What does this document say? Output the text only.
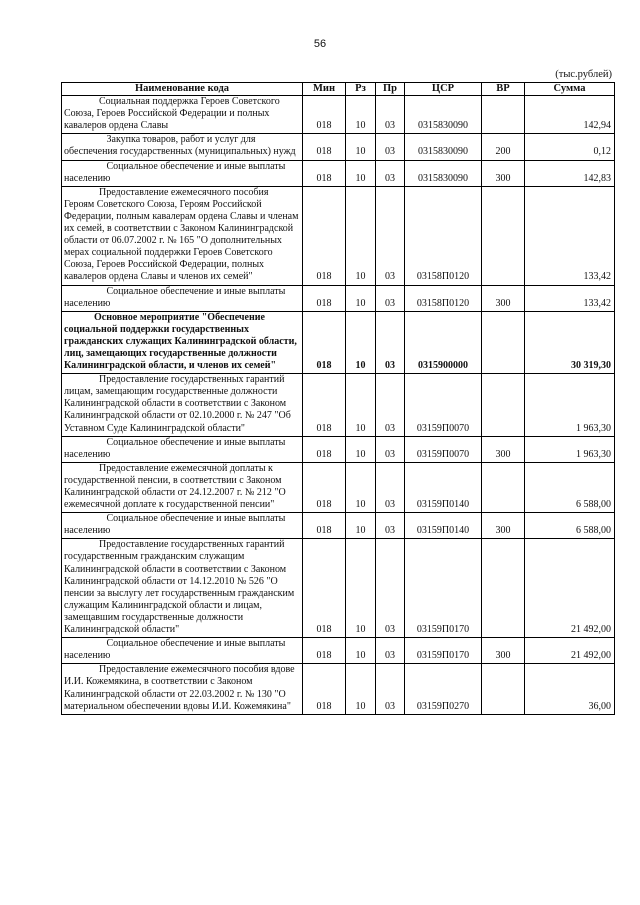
56
(тыс.рублей)
Наименование кода	Мин	Рз	Пр	ЦСР	ВР	Сумма
Социальная поддержка Героев Советского Союза, Героев Российской Федерации и полных кавалеров ордена Славы	018	10	03	0315830090		142,94
Закупка товаров, работ и услуг для обеспечения государственных (муниципальных) нужд	018	10	03	0315830090	200	0,12
Социальное обеспечение и иные выплаты населению	018	10	03	0315830090	300	142,83
Предоставление ежемесячного пособия Героям Советского Союза, Героям Российской Федерации, полным кавалерам ордена Славы и членам их семей, в соответствии с Законом Калининградской области от 06.07.2002 г. № 165 "О дополнительных мерах социальной поддержки Героев Советского Союза, Героев Российской Федерации, полных кавалеров ордена Славы и членов их семей"	018	10	03	03158П0120		133,42
Социальное обеспечение и иные выплаты населению	018	10	03	03158П0120	300	133,42
Основное мероприятие "Обеспечение социальной поддержки государственных гражданских служащих Калининградской области, лиц, замещающих государственные должности Калининградской области, и членов их семей"	018	10	03	0315900000		30 319,30
Предоставление государственных гарантий лицам, замещающим государственные должности Калининградской области в соответствии с Законом Калининградской области от 02.10.2000 г. № 247 "Об Уставном Суде Калининградской области"	018	10	03	03159П0070		1 963,30
Социальное обеспечение и иные выплаты населению	018	10	03	03159П0070	300	1 963,30
Предоставление ежемесячной доплаты к государственной пенсии, в соответствии с Законом Калининградской области от 24.12.2007 г. № 212 "О ежемесячной доплате к государственной пенсии"	018	10	03	03159П0140		6 588,00
Социальное обеспечение и иные выплаты населению	018	10	03	03159П0140	300	6 588,00
Предоставление государственных гарантий государственным гражданским служащим Калининградской области в соответствии с Законом Калининградской области от 14.12.2010 № 526 "О пенсии за выслугу лет государственным гражданским служащим Калининградской области и лицам, замещавшим государственные должности Калининградской области"	018	10	03	03159П0170		21 492,00
Социальное обеспечение и иные выплаты населению	018	10	03	03159П0170	300	21 492,00
Предоставление ежемесячного пособия вдове И.И. Кожемякина, в соответствии с Законом Калининградской области от 22.03.2002 г. № 130 "О материальном обеспечении вдовы И.И. Кожемякина"	018	10	03	03159П0270		36,00
